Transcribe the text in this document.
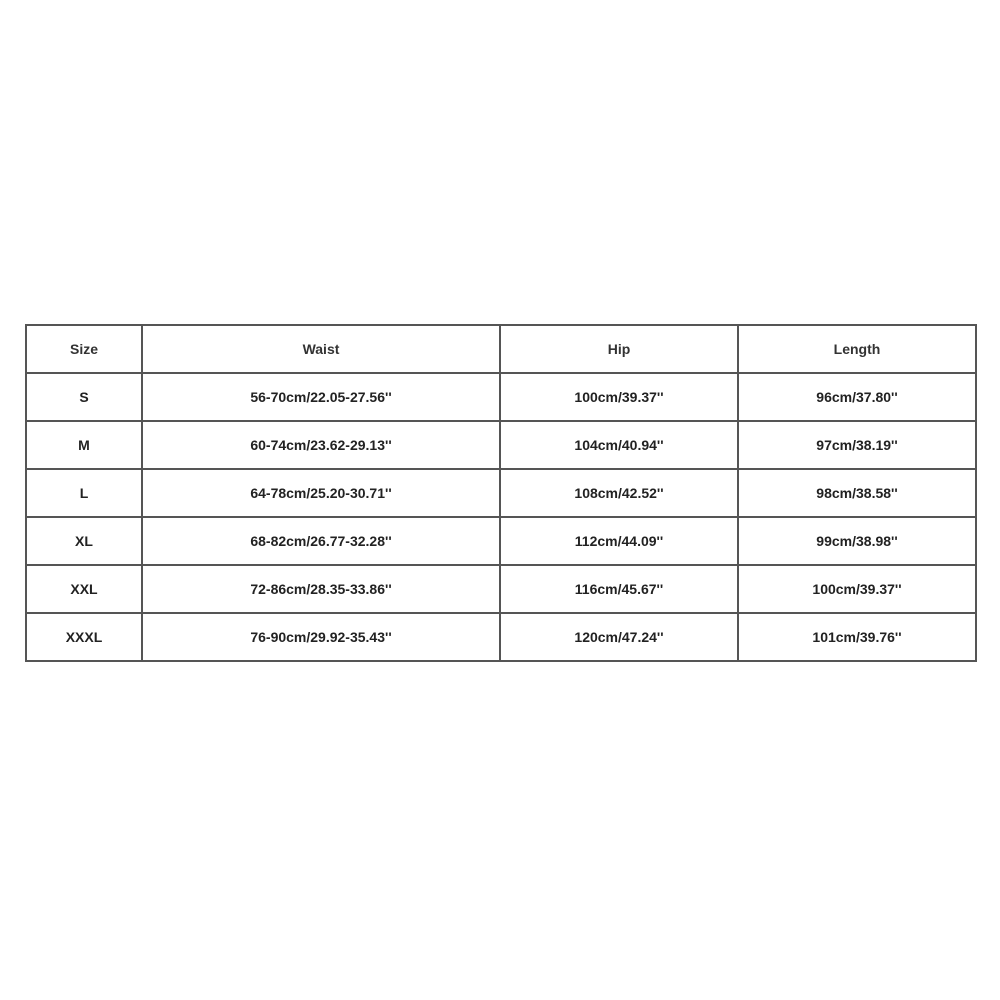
Size	Waist	Hip	Length
S	56-70cm/22.05-27.56''	100cm/39.37''	96cm/37.80''
M	60-74cm/23.62-29.13''	104cm/40.94''	97cm/38.19''
L	64-78cm/25.20-30.71''	108cm/42.52''	98cm/38.58''
XL	68-82cm/26.77-32.28''	112cm/44.09''	99cm/38.98''
XXL	72-86cm/28.35-33.86''	116cm/45.67''	100cm/39.37''
XXXL	76-90cm/29.92-35.43''	120cm/47.24''	101cm/39.76''
